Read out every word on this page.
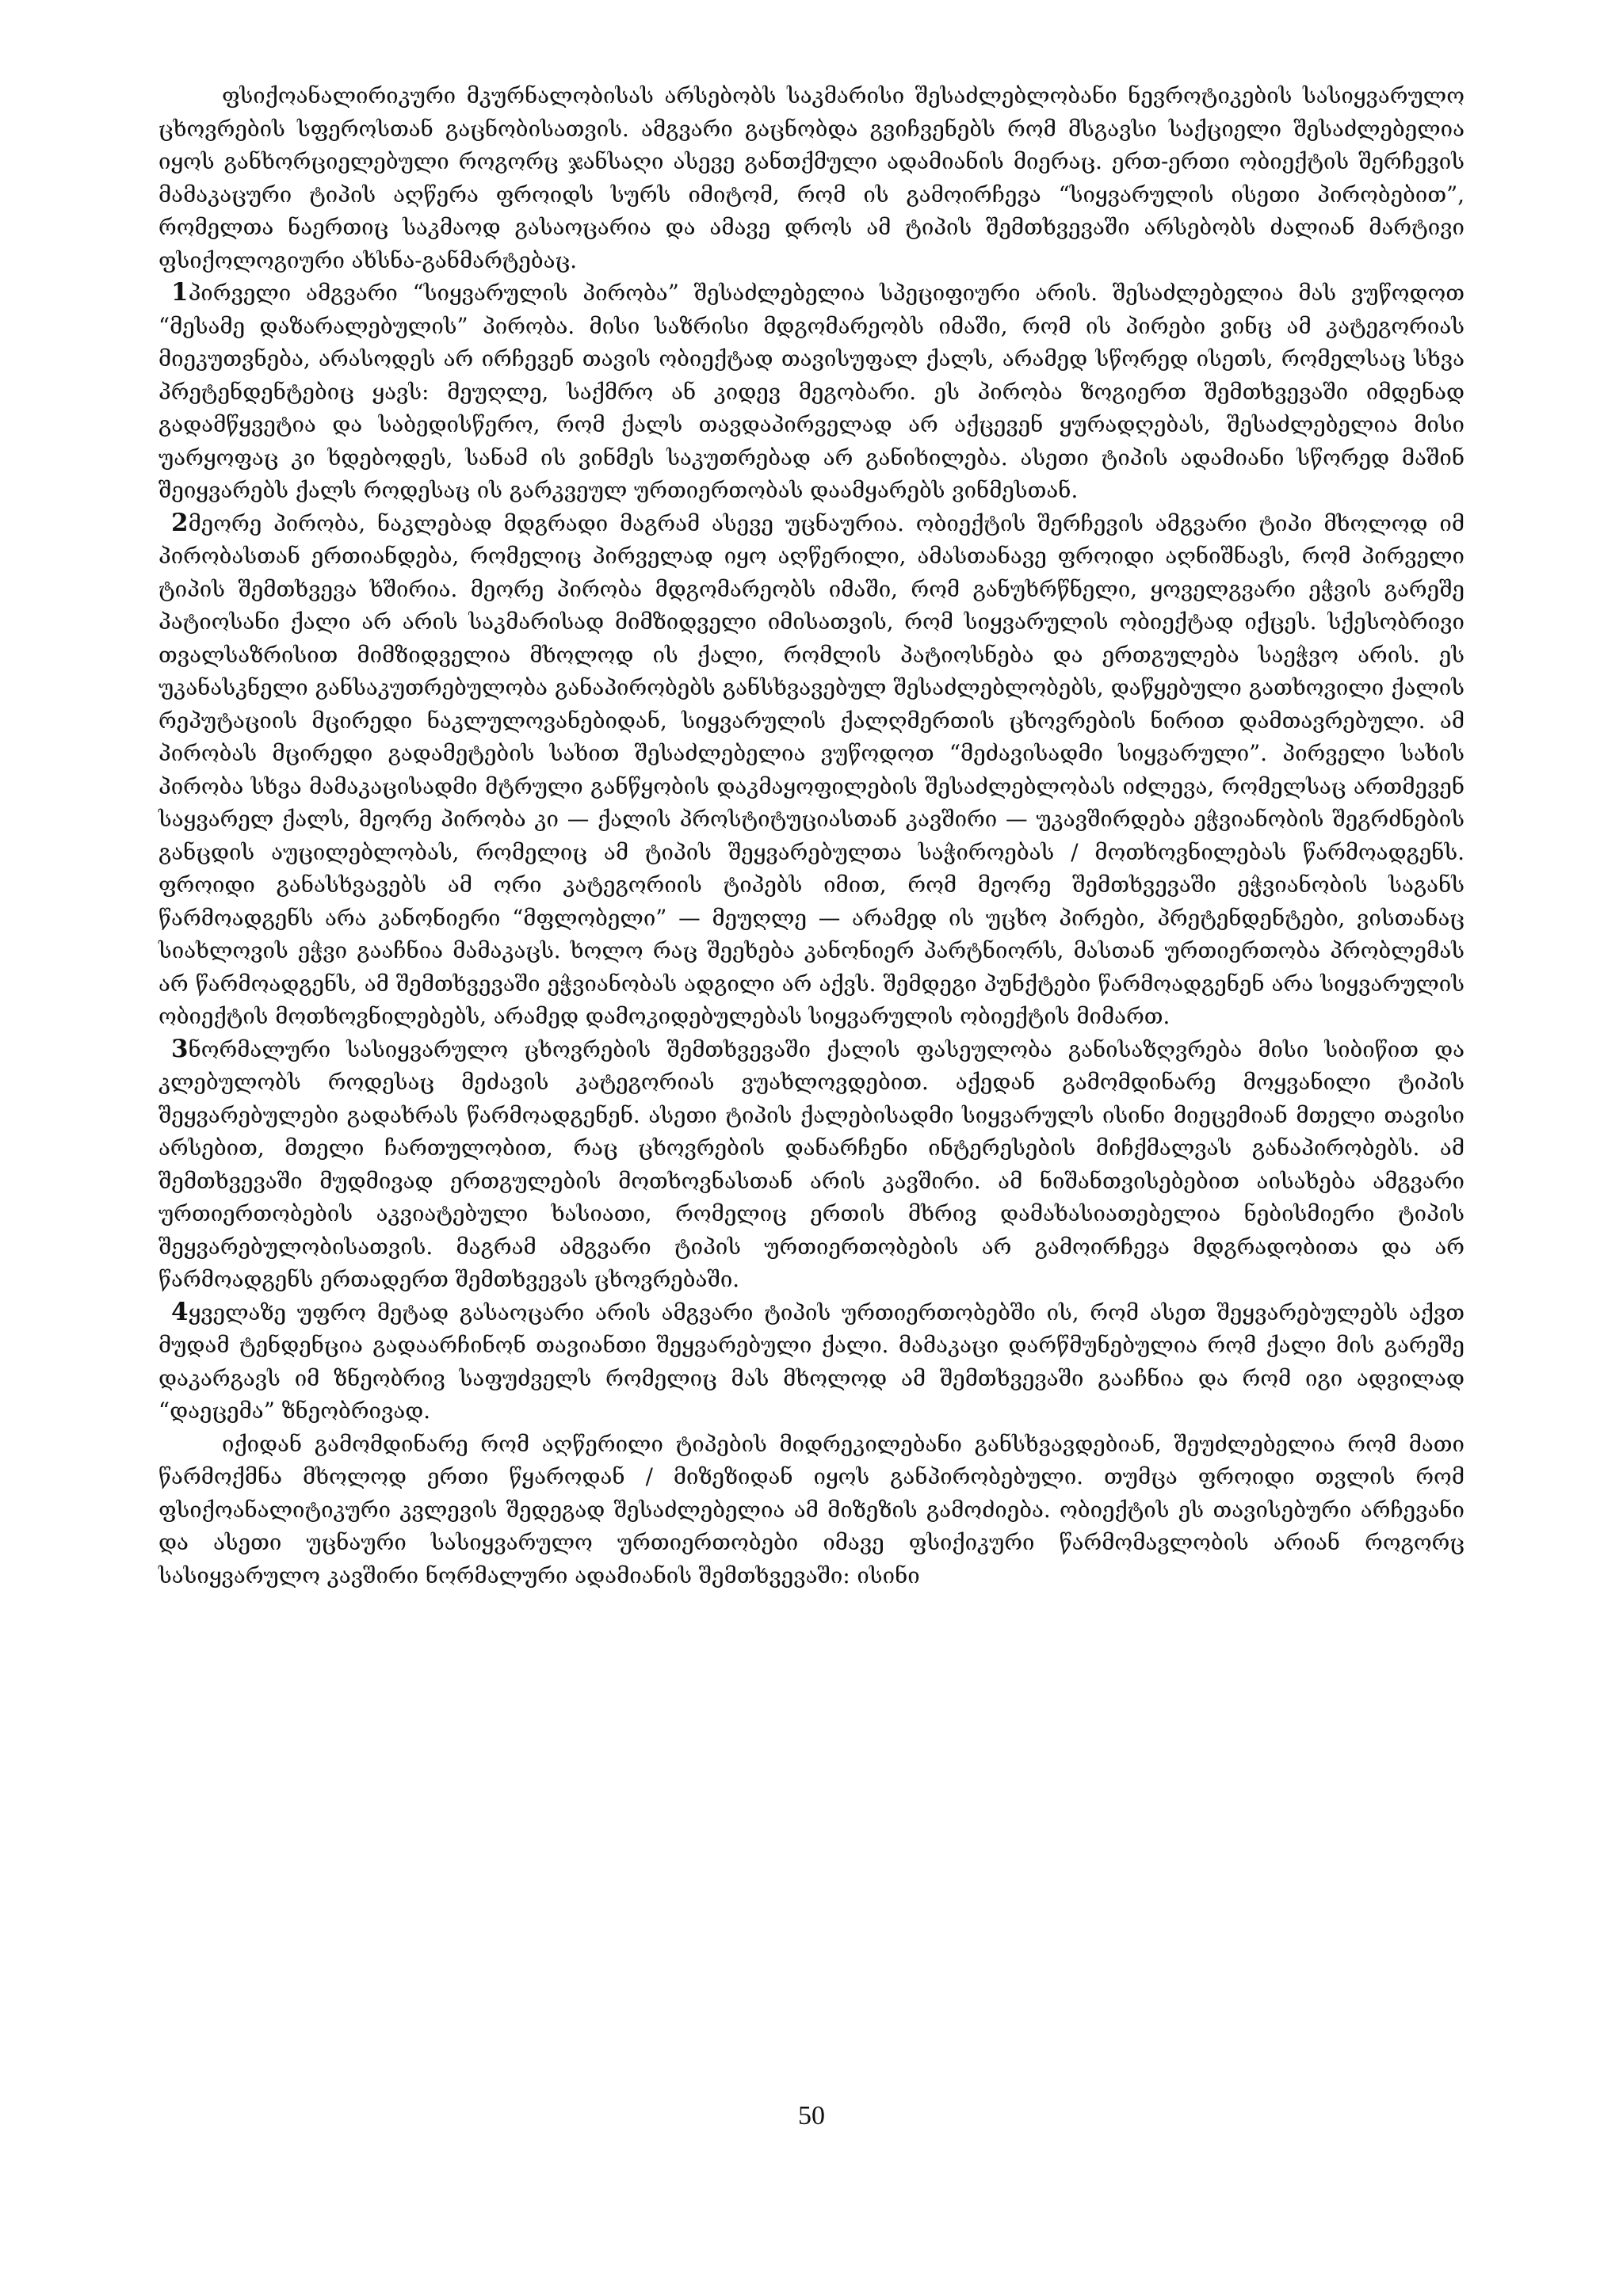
ფსიქოანალირიკური მკურნალობისას არსებობს საკმარისი შესაძლებლობანი ნევროტიკების სასიყვარულო ცხოვრების სფეროსთან გაცნობისათვის. ამგვარი გაცნობდა გვიჩვენებს რომ მსგავსი საქციელი შესაძლებელია იყოს განხორციელებული როგორც ჯანსაღი ასევე განთქმული ადამიანის მიერაც. ერთ-ერთი ობიექტის შერჩევის მამაკაცური ტიპის აღწერა ფროიდს სურს იმიტომ, რომ ის გამოირჩევა “სიყვარულის ისეთი პირობებით”, რომელთა ნაერთიც საკმაოდ გასაოცარია და ამავე დროს ამ ტიპის შემთხვევაში არსებობს ძალიან მარტივი ფსიქოლოგიური ახსნა-განმარტებაც.

1პირველი ამგვარი “სიყვარულის პირობა” შესაძლებელია სპეციფიური არის. შესაძლებელია მას ვუწოდოთ “მესამე დაზარალებულის” პირობა. მისი საზრისი მდგომარეობს იმაში, რომ ის პირები ვინც ამ კატეგორიას მიეკუთვნება, არასოდეს არ ირჩევენ თავის ობიექტად თავისუფალ ქალს, არამედ სწორედ ისეთს, რომელსაც სხვა პრეტენდენტებიც ყავს: მეუღლე, საქმრო ან კიდევ მეგობარი. ეს პირობა ზოგიერთ შემთხვევაში იმდენად გადამწყვეტია და საბედისწერო, რომ ქალს თავდაპირველად არ აქცევენ ყურადღებას, შესაძლებელია მისი უარყოფაც კი ხდებოდეს, სანამ ის ვინმეს საკუთრებად არ განიხილება. ასეთი ტიპის ადამიანი სწორედ მაშინ შეიყვარებს ქალს როდესაც ის გარკვეულ ურთიერთობას დაამყარებს ვინმესთან.

2მეორე პირობა, ნაკლებად მდგრადი მაგრამ ასევე უცნაურია. ობიექტის შერჩევის ამგვარი ტიპი მხოლოდ იმ პირობასთან ერთიანდება, რომელიც პირველად იყო აღწერილი, ამასთანავე ფროიდი აღნიშნავს, რომ პირველი ტიპის შემთხვევა ხშირია. მეორე პირობა მდგომარეობს იმაში, რომ განუხრწნელი, ყოველგვარი ეჭვის გარეშე პატიოსანი ქალი არ არის საკმარისად მიმზიდველი იმისათვის, რომ სიყვარულის ობიექტად იქცეს. სქესობრივი თვალსაზრისით მიმზიდველია მხოლოდ ის ქალი, რომლის პატიოსნება და ერთგულება საეჭვო არის. ეს უკანასკნელი განსაკუთრებულობა განაპირობებს განსხვავებულ შესაძლებლობებს, დაწყებული გათხოვილი ქალის რეპუტაციის მცირედი ნაკლულოვანებიდან, სიყვარულის ქალღმერთის ცხოვრების ნირით დამთავრებული. ამ პირობას მცირედი გადამეტების სახით შესაძლებელია ვუწოდოთ “მეძავისადმი სიყვარული”. პირველი სახის პირობა სხვა მამაკაცისადმი მტრული განწყობის დაკმაყოფილების შესაძლებლობას იძლევა, რომელსაც ართმევენ საყვარელ ქალს, მეორე პირობა კი — ქალის პროსტიტუციასთან კავშირი — უკავშირდება ეჭვიანობის შეგრძნების განცდის აუცილებლობას, რომელიც ამ ტიპის შეყვარებულთა საჭიროებას / მოთხოვნილებას წარმოადგენს. ფროიდი განასხვავებს ამ ორი კატეგორიის ტიპებს იმით, რომ მეორე შემთხვევაში ეჭვიანობის საგანს წარმოადგენს არა კანონიერი “მფლობელი” — მეუღლე — არამედ ის უცხო პირები, პრეტენდენტები, ვისთანაც სიახლოვის ეჭვი გააჩნია მამაკაცს. ხოლო რაც შეეხება კანონიერ პარტნიორს, მასთან ურთიერთობა პრობლემას არ წარმოადგენს, ამ შემთხვევაში ეჭვიანობას ადგილი არ აქვს. შემდეგი პუნქტები წარმოადგენენ არა სიყვარულის ობიექტის მოთხოვნილებებს, არამედ დამოკიდებულებას სიყვარულის ობიექტის მიმართ.

3ნორმალური სასიყვარულო ცხოვრების შემთხვევაში ქალის ფასეულობა განისაზღვრება მისი სიბიწით და კლებულობს როდესაც მეძავის კატეგორიას ვუახლოვდებით. აქედან გამომდინარე მოყვანილი ტიპის შეყვარებულები გადახრას წარმოადგენენ. ასეთი ტიპის ქალებისადმი სიყვარულს ისინი მიეცემიან მთელი თავისი არსებით, მთელი ჩართულობით, რაც ცხოვრების დანარჩენი ინტერესების მიჩქმალვას განაპირობებს. ამ შემთხვევაში მუდმივად ერთგულების მოთხოვნასთან არის კავშირი. ამ ნიშანთვისებებით აისახება ამგვარი ურთიერთობების აკვიატებული ხასიათი, რომელიც ერთის მხრივ დამახასიათებელია ნებისმიერი ტიპის შეყვარებულობისათვის. მაგრამ ამგვარი ტიპის ურთიერთობების არ გამოირჩევა მდგრადობითა და არ წარმოადგენს ერთადერთ შემთხვევას ცხოვრებაში.

4ყველაზე უფრო მეტად გასაოცარი არის ამგვარი ტიპის ურთიერთობებში ის, რომ ასეთ შეყვარებულებს აქვთ მუდამ ტენდენცია გადაარჩინონ თავიანთი შეყვარებული ქალი. მამაკაცი დარწმუნებულია რომ ქალი მის გარეშე დაკარგავს იმ ზნეობრივ საფუძველს რომელიც მას მხოლოდ ამ შემთხვევაში გააჩნია და რომ იგი ადვილად “დაეცემა” ზნეობრივად.

იქიდან გამომდინარე რომ აღწერილი ტიპების მიდრეკილებანი განსხვავდებიან, შეუძლებელია რომ მათი წარმოქმნა მხოლოდ ერთი წყაროდან / მიზეზიდან იყოს განპირობებული. თუმცა ფროიდი თვლის რომ ფსიქოანალიტიკური კვლევის შედეგად შესაძლებელია ამ მიზეზის გამოძიება. ობიექტის ეს თავისებური არჩევანი და ასეთი უცნაური სასიყვარულო ურთიერთობები იმავე ფსიქიკური წარმომავლობის არიან როგორც სასიყვარულო კავშირი ნორმალური ადამიანის შემთხვევაში: ისინი

50
